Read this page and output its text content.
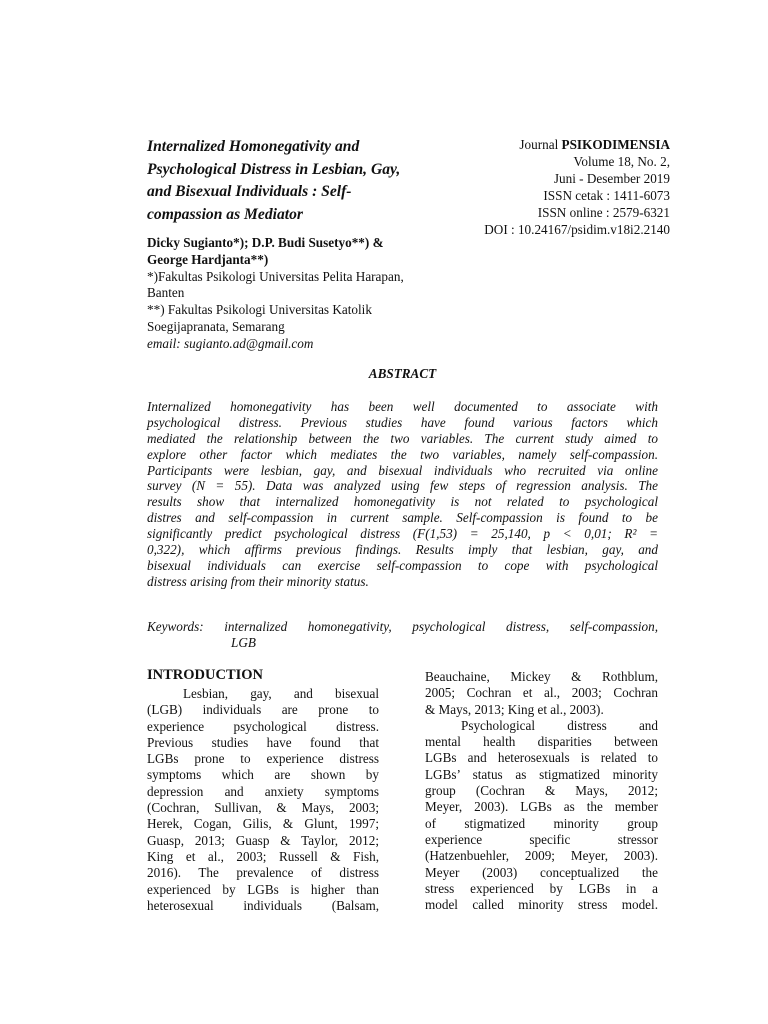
Internalized Homonegativity and
Psychological Distress in Lesbian, Gay,
and Bisexual Individuals : Self-
compassion as Mediator
Journal PSIKODIMENSIA
Volume 18, No. 2,
Juni - Desember 2019
ISSN cetak : 1411-6073
ISSN online : 2579-6321
DOI : 10.24167/psidim.v18i2.2140
Dicky Sugianto*); D.P. Budi Susetyo**) &
George Hardjanta**)
*)Fakultas Psikologi Universitas Pelita Harapan,
Banten
**) Fakultas Psikologi Universitas Katolik
Soegijapranata, Semarang
email: sugianto.ad@gmail.com
ABSTRACT
Internalized homonegativity has been well documented to associate with
psychological distress. Previous studies have found various factors which
mediated the relationship between the two variables. The current study aimed to
explore other factor which mediates the two variables, namely self-compassion.
Participants were lesbian, gay, and bisexual individuals who recruited via online
survey (N = 55). Data was analyzed using few steps of regression analysis. The
results show that internalized homonegativity is not related to psychological
distres and self-compassion in current sample. Self-compassion is found to be
significantly predict psychological distress (F(1,53) = 25,140, p < 0,01; R² =
0,322), which affirms previous findings. Results imply that lesbian, gay, and
bisexual individuals can exercise self-compassion to cope with psychological
distress arising from their minority status.
Keywords: internalized homonegativity, psychological distress, self-compassion,
LGB
INTRODUCTION
Lesbian, gay, and bisexual
(LGB) individuals are prone to
experience psychological distress.
Previous studies have found that
LGBs prone to experience distress
symptoms which are shown by
depression and anxiety symptoms
(Cochran, Sullivan, & Mays, 2003;
Herek, Cogan, Gilis, & Glunt, 1997;
Guasp, 2013; Guasp & Taylor, 2012;
King et al., 2003; Russell & Fish,
2016). The prevalence of distress
experienced by LGBs is higher than
heterosexual individuals (Balsam,
Beauchaine, Mickey & Rothblum,
2005; Cochran et al., 2003; Cochran
& Mays, 2013; King et al., 2003).
Psychological distress and
mental health disparities between
LGBs and heterosexuals is related to
LGBs’ status as stigmatized minority
group (Cochran & Mays, 2012;
Meyer, 2003). LGBs as the member
of stigmatized minority group
experience specific stressor
(Hatzenbuehler, 2009; Meyer, 2003).
Meyer (2003) conceptualized the
stress experienced by LGBs in a
model called minority stress model.
